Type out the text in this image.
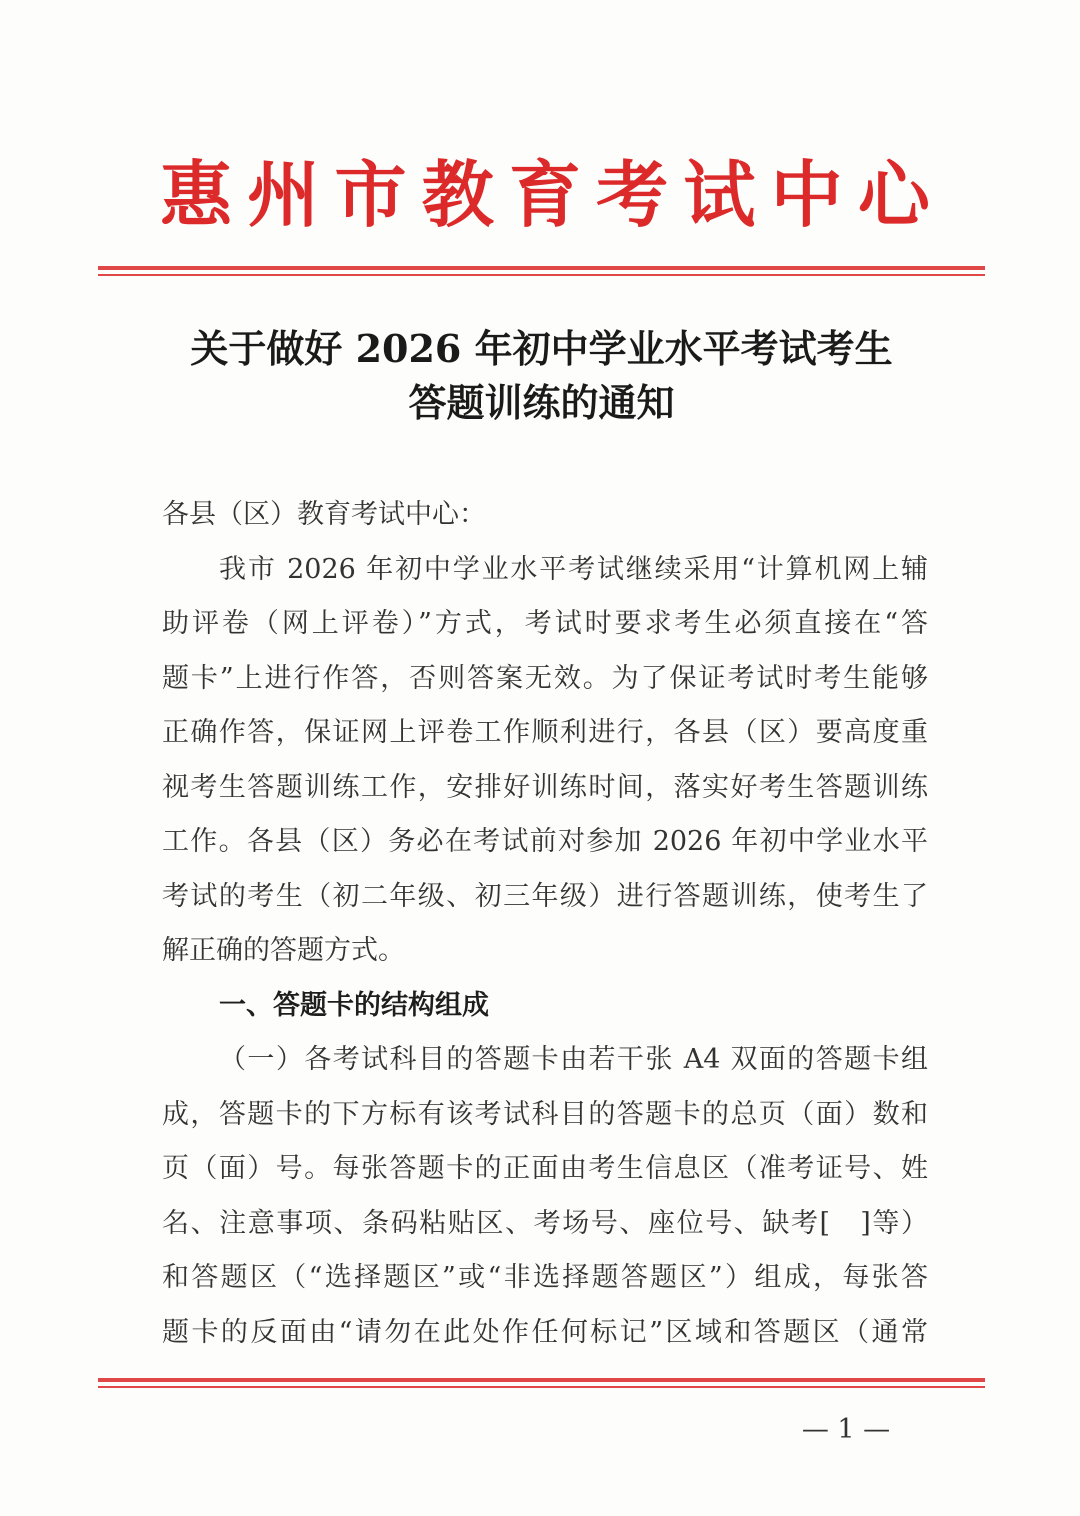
惠 州 市 教 育 考 试 中 心
关于做好 2026 年初中学业水平考试考生
答题训练的通知
各县（区）教育考试中心：
我市 2026 年初中学业水平考试继续采用“计算机网上辅
助评卷（网上评卷）”方式，考试时要求考生必须直接在“答
题卡”上进行作答，否则答案无效。为了保证考试时考生能够
正确作答，保证网上评卷工作顺利进行，各县（区）要高度重
视考生答题训练工作，安排好训练时间，落实好考生答题训练
工作。各县（区）务必在考试前对参加 2026 年初中学业水平
考试的考生（初二年级、初三年级）进行答题训练，使考生了
解正确的答题方式。
一、答题卡的结构组成
（一）各考试科目的答题卡由若干张 A4 双面的答题卡组
成，答题卡的下方标有该考试科目的答题卡的总页（面）数和
页（面）号。每张答题卡的正面由考生信息区（准考证号、姓
名、注意事项、条码粘贴区、考场号、座位号、缺考[　]等）
和答题区（“选择题区”或“非选择题答题区”）组成，每张答
题卡的反面由“请勿在此处作任何标记”区域和答题区（通常
— 1 —
